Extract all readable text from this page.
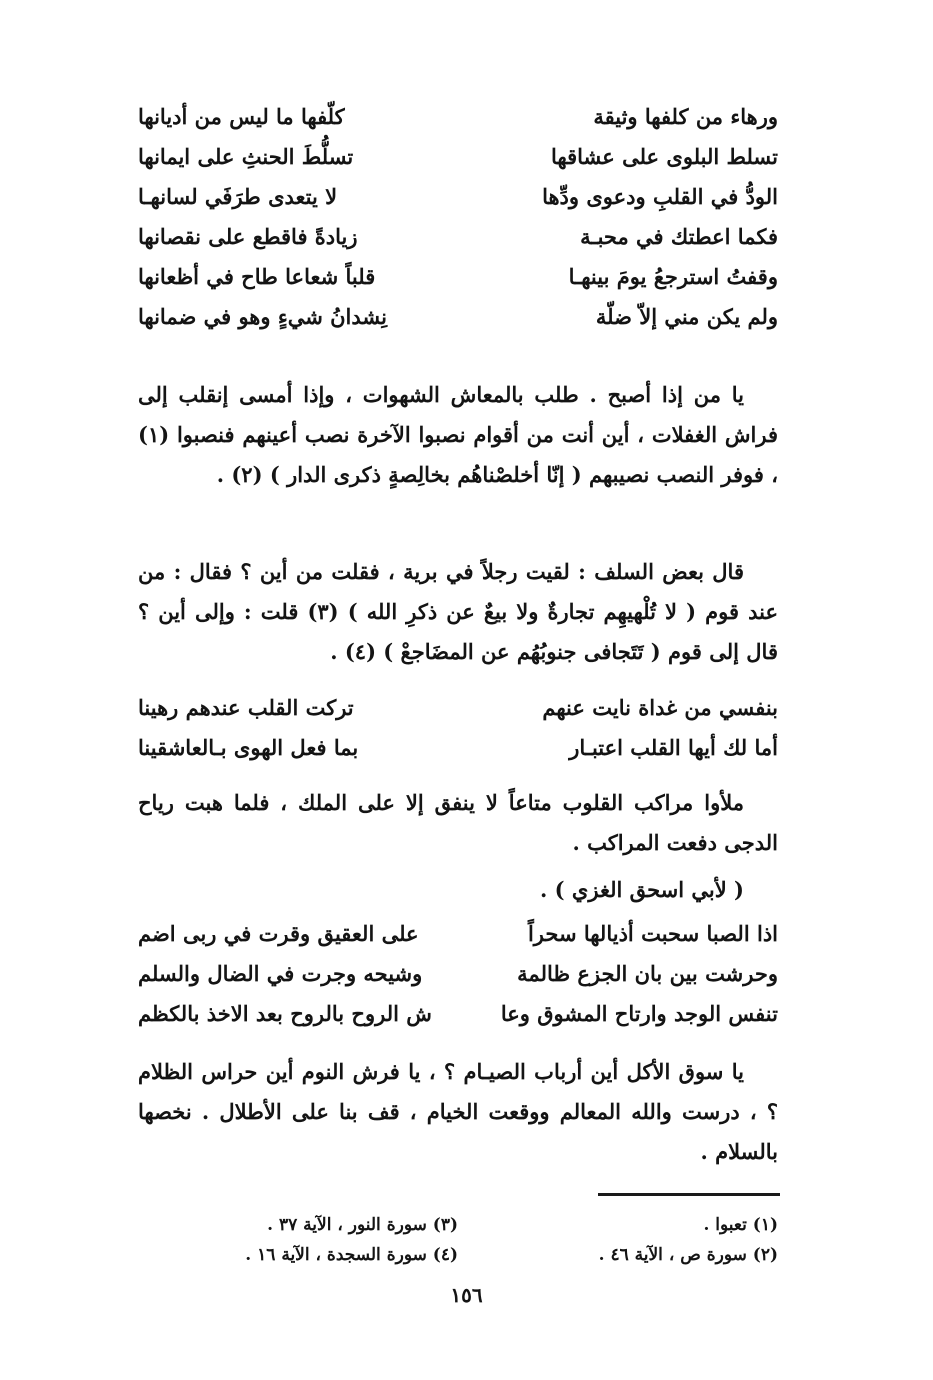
ورهاء من كلفها وثيقة
كلّفها ما ليس من أديانها
تسلط البلوى على عشاقها
تسلُّطَ الحنثِ على ايمانها
الودُّ في القلبِ ودعوى ودِّها
لا يتعدى طرَفَي لسانهـا
فكما اعطتك في محبـة
زيادةً فاقطع على نقصانها
وقفتُ استرجعُ يومَ بينهـا
قلباً شعاعا طاح في أظعانها
ولم يكن مني إلاّ ضلّة
نِشدانُ شيءٍ وهو في ضمانها

يا من إذا أصبح . طلب بالمعاش الشهوات ، وإذا أمسى إنقلب إلى فراش الغفلات ، أين أنت من أقوام نصبوا الآخرة نصب أعينهم فنصبوا (١) ، فوفر النصب نصيبهم ( إنّا أخلصْناهُم بخالِصةٍ ذكرى الدار ) (٢) .

قال بعض السلف : لقيت رجلاً في برية ، فقلت من أين ؟ فقال : من عند قوم ( لا تُلْهيهِم تجارةٌ ولا بيعٌ عن ذكرِ الله ) (٣) قلت : وإلى أين ؟ قال إلى قوم ( تَتَجافى جنوبُهُم عن المضَاجعْ ) (٤) .

بنفسي من غداة نايت عنهم
تركت القلب عندهم رهينا
أما لك أيها القلب اعتبـار
بما فعل الهوى بـالعاشقينا

ملأوا مراكب القلوب متاعاً لا ينفق إلا على الملك ، فلما هبت رياح الدجى دفعت المراكب .

( لأبي اسحق الغزي ) .
اذا الصبا سحبت أذيالها سحراً
على العقيق وقرت في ربى اضم
وحرشت بين بان الجزع ظالمة
وشيحه وجرت في الضال والسلم
تنفس الوجد وارتاح المشوق وعا
ش الروح بالروح بعد الاخذ بالكظم

يا سوق الأكل أين أرباب الصيـام ؟ ، يا فرش النوم أين حراس الظلام ؟ ، درست والله المعالم ووقعت الخيام ، قف بنا على الأطلال . نخصها بالسلام .

(١) تعبوا .
(٣) سورة النور ، الآية ٣٧ .
(٢) سورة ص ، الآية ٤٦ .
(٤) سورة السجدة ، الآية ١٦ .
١٥٦
